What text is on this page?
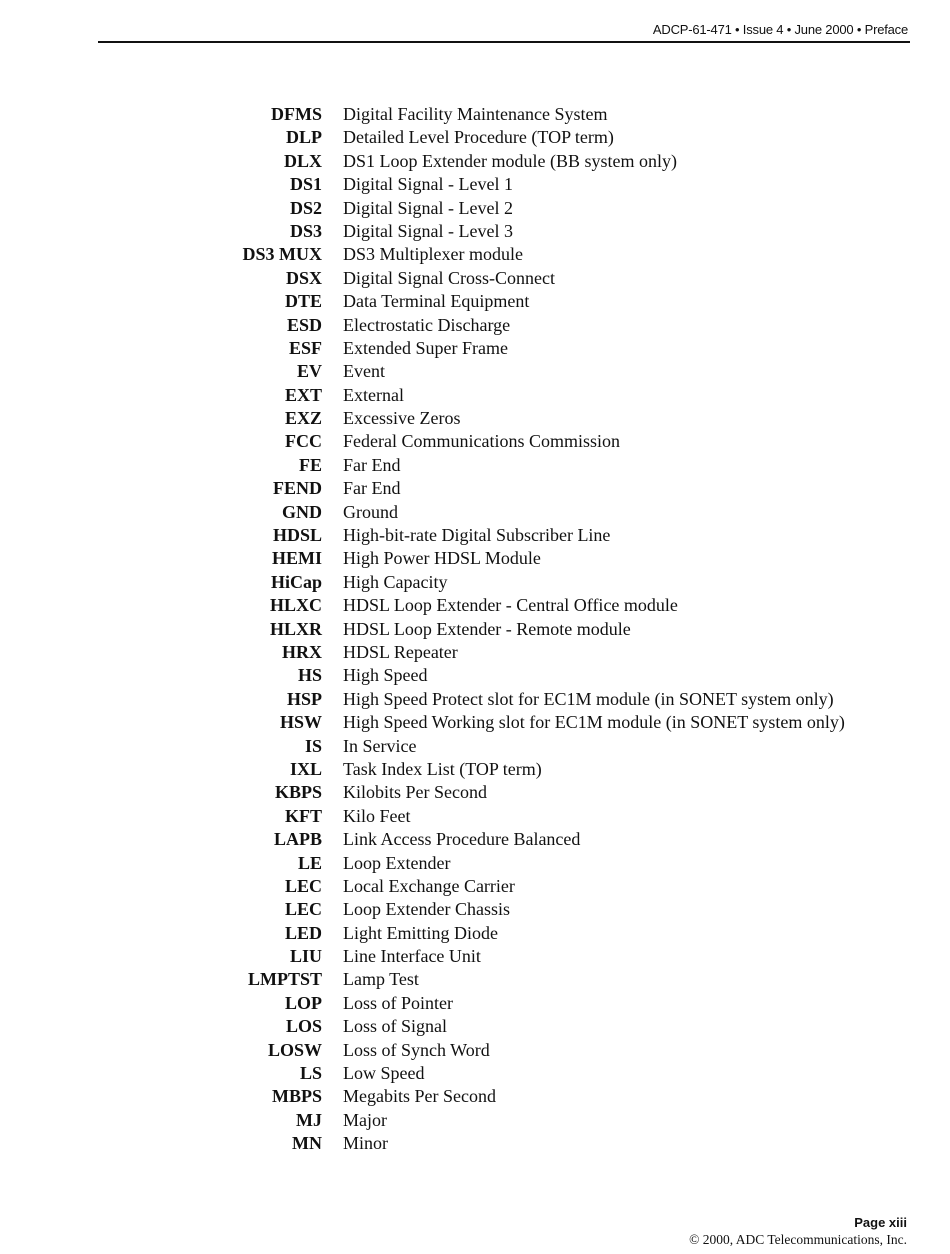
ADCP-61-471 • Issue 4 • June 2000 • Preface
DFMS Digital Facility Maintenance System
DLP Detailed Level Procedure (TOP term)
DLX DS1 Loop Extender module (BB system only)
DS1 Digital Signal - Level 1
DS2 Digital Signal - Level 2
DS3 Digital Signal - Level 3
DS3 MUX DS3 Multiplexer module
DSX Digital Signal Cross-Connect
DTE Data Terminal Equipment
ESD Electrostatic Discharge
ESF Extended Super Frame
EV Event
EXT External
EXZ Excessive Zeros
FCC Federal Communications Commission
FE Far End
FEND Far End
GND Ground
HDSL High-bit-rate Digital Subscriber Line
HEMI High Power HDSL Module
HiCap High Capacity
HLXC HDSL Loop Extender - Central Office module
HLXR HDSL Loop Extender - Remote module
HRX HDSL Repeater
HS High Speed
HSP High Speed Protect slot for EC1M module (in SONET system only)
HSW High Speed Working slot for EC1M module (in SONET system only)
IS In Service
IXL Task Index List (TOP term)
KBPS Kilobits Per Second
KFT Kilo Feet
LAPB Link Access Procedure Balanced
LE Loop Extender
LEC Local Exchange Carrier
LEC Loop Extender Chassis
LED Light Emitting Diode
LIU Line Interface Unit
LMPTST Lamp Test
LOP Loss of Pointer
LOS Loss of Signal
LOSW Loss of Synch Word
LS Low Speed
MBPS Megabits Per Second
MJ Major
MN Minor
Page xiii
© 2000, ADC Telecommunications, Inc.
